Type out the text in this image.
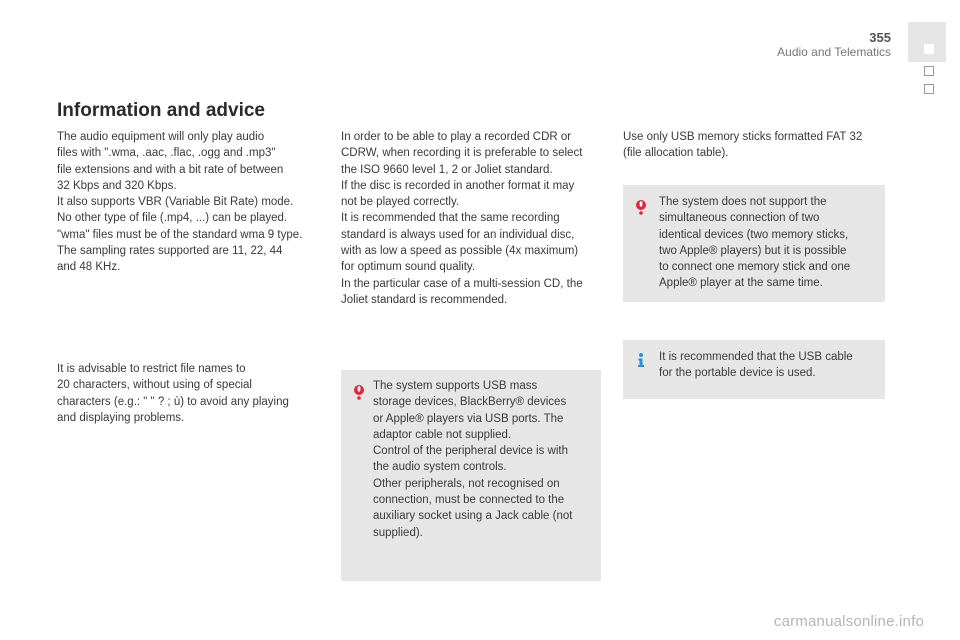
355
Audio and Telematics
Information and advice

The audio equipment will only play audio

files with ".wma, .aac, .flac, .ogg and .mp3"

file extensions and with a bit rate of between

32 Kbps and 320 Kbps.

It also supports VBR (Variable Bit Rate) mode.

No other type of file (.mp4, ...) can be played.

"wma" files must be of the standard wma 9 type.

The sampling rates supported are 11, 22, 44

and 48 KHz.

It is advisable to restrict file names to

20 characters, without using of special

characters (e.g.: " " ? ; ù) to avoid any playing

and displaying problems.

In order to be able to play a recorded CDR or

CDRW, when recording it is preferable to select

the ISO 9660 level 1, 2 or Joliet standard.

If the disc is recorded in another format it may

not be played correctly.

It is recommended that the same recording

standard is always used for an individual disc,

with as low a speed as possible (4x maximum)

for optimum sound quality.

In the particular case of a multi-session CD, the

Joliet standard is recommended.

The system supports USB mass

storage devices, BlackBerry® devices

or Apple® players via USB ports. The

adaptor cable not supplied.

Control of the peripheral device is with

the audio system controls.

Other peripherals, not recognised on

connection, must be connected to the

auxiliary socket using a Jack cable (not

supplied).

Use only USB memory sticks formatted FAT 32

(file allocation table).

The system does not support the

simultaneous connection of two

identical devices (two memory sticks,

two Apple® players) but it is possible

to connect one memory stick and one

Apple® player at the same time.

It is recommended that the USB cable

for the portable device is used.

carmanualsonline.info
